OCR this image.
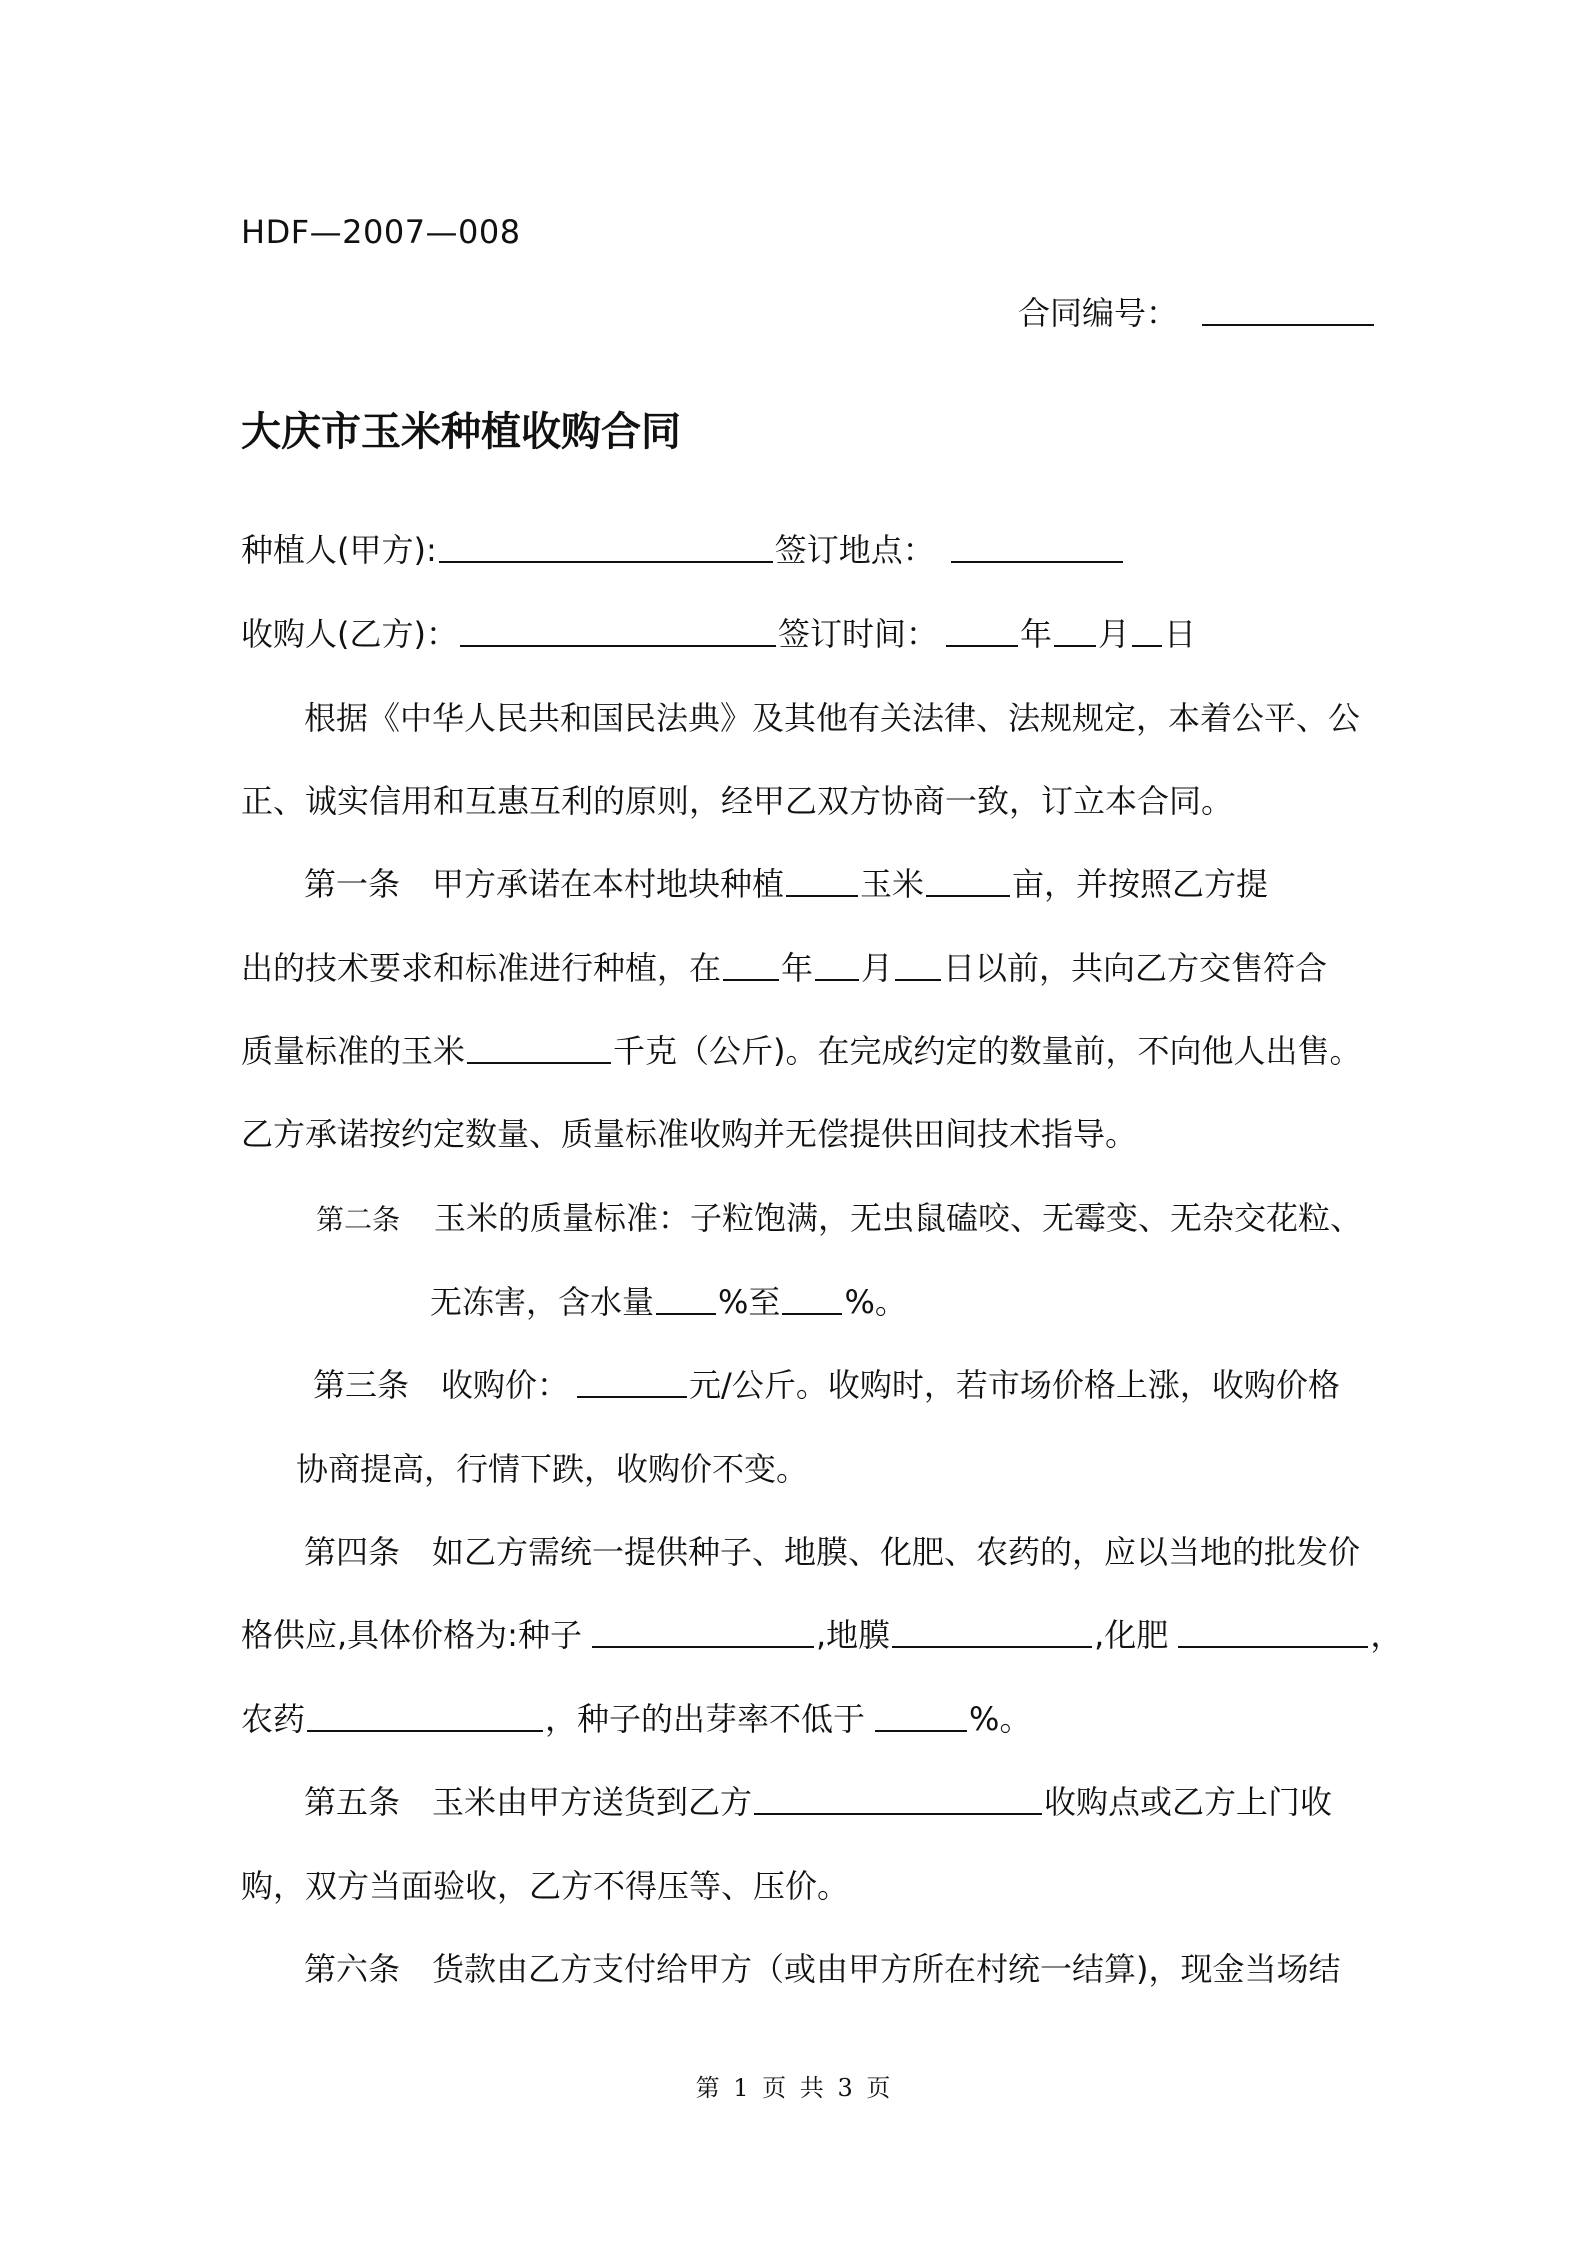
HDF—2007—008
合同编号：
大庆市玉米种植收购合同
种植人(甲方):	签订地点：
收购人(乙方)：	签订时间：	年 月 日
根据《中华人民共和国民法典》及其他有关法律、法规规定，本着公平、公
正、诚实信用和互惠互利的原则，经甲乙双方协商一致，订立本合同。
第一条 甲方承诺在本村地块种植 玉米	亩，并按照乙方提
出的技术要求和标准进行种植，在 年 月 日以前，共向乙方交售符合
质量标准的玉米	千克（公斤)。在完成约定的数量前，不向他人出售。
乙方承诺按约定数量、质量标准收购并无偿提供田间技术指导。
第二条 玉米的质量标准：子粒饱满，无虫鼠磕咬、无霉变、无杂交花粒、
无冻害，含水量 %至 %。
第三条 收购价：	元/公斤。收购时，若市场价格上涨，收购价格
协商提高，行情下跌，收购价不变。
第四条 如乙方需统一提供种子、地膜、化肥、农药的，应以当地的批发价
格供应,具体价格为:种子	,地膜	,化肥	，
农药	，种子的出芽率不低于	%。
第五条 玉米由甲方送货到乙方	收购点或乙方上门收
购，双方当面验收，乙方不得压等、压价。
第六条 货款由乙方支付给甲方（或由甲方所在村统一结算)，现金当场结
第 1 页 共 3 页
